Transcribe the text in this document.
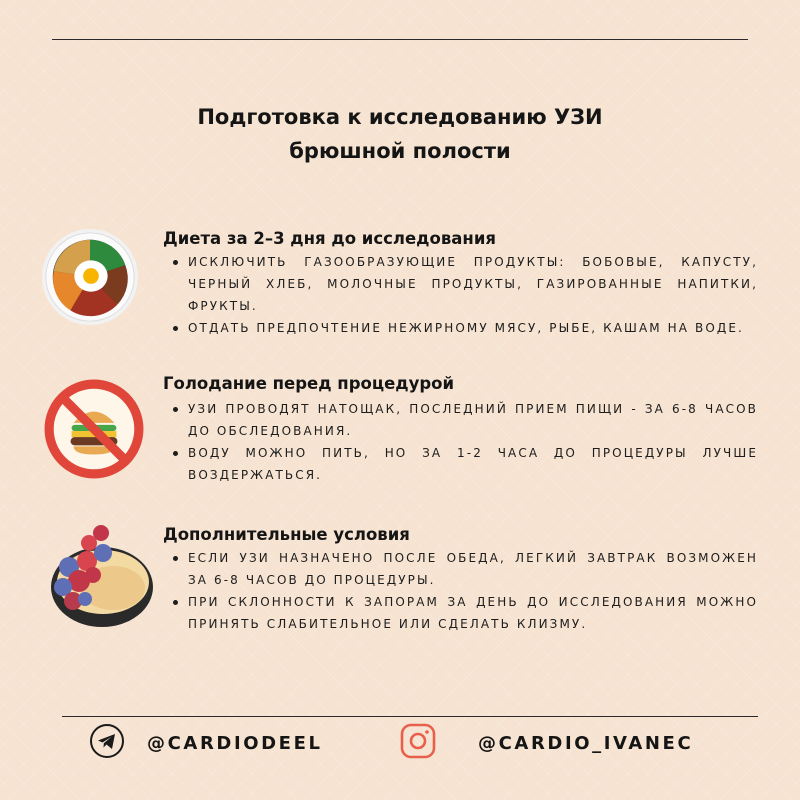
Подготовка к исследованию УЗИ
брюшной полости
Диета за 2–3 дня до исследования
ИСКЛЮЧИТЬ ГАЗООБРАЗУЮЩИЕ ПРОДУКТЫ: БОБОВЫЕ, КАПУСТУ, ЧЕРНЫЙ ХЛЕБ, МОЛОЧНЫЕ ПРОДУКТЫ, ГАЗИРОВАННЫЕ НАПИТКИ, ФРУКТЫ.
ОТДАТЬ ПРЕДПОЧТЕНИЕ НЕЖИРНОМУ МЯСУ, РЫБЕ, КАШАМ НА ВОДЕ.
Голодание перед процедурой
УЗИ ПРОВОДЯТ НАТОЩАК, ПОСЛЕДНИЙ ПРИЕМ ПИЩИ - ЗА 6-8 ЧАСОВ ДО ОБСЛЕДОВАНИЯ.
ВОДУ МОЖНО ПИТЬ, НО ЗА 1-2 ЧАСА ДО ПРОЦЕДУРЫ ЛУЧШЕ ВОЗДЕРЖАТЬСЯ.
Дополнительные условия
ЕСЛИ УЗИ НАЗНАЧЕНО ПОСЛЕ ОБЕДА, ЛЕГКИЙ ЗАВТРАК ВОЗМОЖЕН ЗА 6-8 ЧАСОВ ДО ПРОЦЕДУРЫ.
ПРИ СКЛОННОСТИ К ЗАПОРАМ ЗА ДЕНЬ ДО ИССЛЕДОВАНИЯ МОЖНО ПРИНЯТЬ СЛАБИТЕЛЬНОЕ ИЛИ СДЕЛАТЬ КЛИЗМУ.
@CARDIODEEL	@CARDIO_IVANEC
